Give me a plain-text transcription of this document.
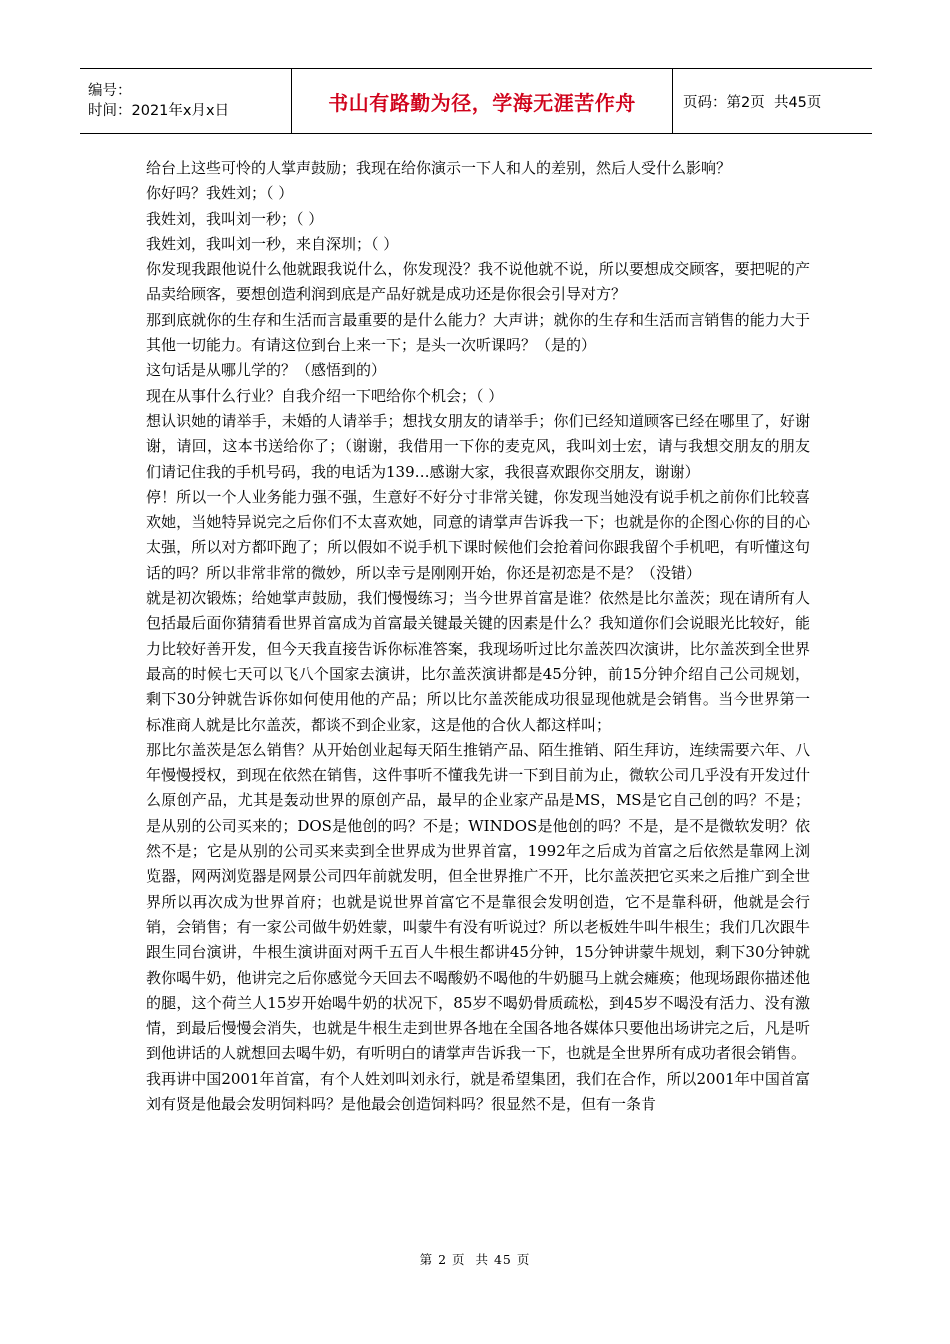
编号：
时间：2021年x月x日	书山有路勤为径，学海无涯苦作舟	页码：第2页  共45页

给台上这些可怜的人掌声鼓励；我现在给你演示一下人和人的差别，然后人受什么影响？

你好吗？我姓刘；（ ）

我姓刘，我叫刘一秒；（ ）

我姓刘，我叫刘一秒，来自深圳；（ ）

你发现我跟他说什么他就跟我说什么，你发现没？我不说他就不说，所以要想成交顾客，要把呢的产品卖给顾客，要想创造利润到底是产品好就是成功还是你很会引导对方？

那到底就你的生存和生活而言最重要的是什么能力？大声讲；就你的生存和生活而言销售的能力大于其他一切能力。有请这位到台上来一下；是头一次听课吗？（是的）

这句话是从哪儿学的？（感悟到的）

现在从事什么行业？自我介绍一下吧给你个机会；（ ）

想认识她的请举手，未婚的人请举手；想找女朋友的请举手；你们已经知道顾客已经在哪里了，好谢谢，请回，这本书送给你了；（谢谢，我借用一下你的麦克风，我叫刘士宏，请与我想交朋友的朋友们请记住我的手机号码，我的电话为139…感谢大家，我很喜欢跟你交朋友，谢谢）

停！所以一个人业务能力强不强，生意好不好分寸非常关键，你发现当她没有说手机之前你们比较喜欢她，当她特异说完之后你们不太喜欢她，同意的请掌声告诉我一下；也就是你的企图心你的目的心太强，所以对方都吓跑了；所以假如不说手机下课时候他们会抢着问你跟我留个手机吧，有听懂这句话的吗？所以非常非常的微妙，所以幸亏是刚刚开始，你还是初恋是不是？（没错）

就是初次锻炼；给她掌声鼓励，我们慢慢练习；当今世界首富是谁？依然是比尔盖茨；现在请所有人包括最后面你猜猜看世界首富成为首富最关键最关键的因素是什么？我知道你们会说眼光比较好，能力比较好善开发，但今天我直接告诉你标准答案，我现场听过比尔盖茨四次演讲，比尔盖茨到全世界最高的时候七天可以飞八个国家去演讲，比尔盖茨演讲都是45分钟，前15分钟介绍自己公司规划，剩下30分钟就告诉你如何使用他的产品；所以比尔盖茨能成功很显现他就是会销售。当今世界第一标准商人就是比尔盖茨，都谈不到企业家，这是他的合伙人都这样叫；

那比尔盖茨是怎么销售？从开始创业起每天陌生推销产品、陌生推销、陌生拜访，连续需要六年、八年慢慢授权，到现在依然在销售，这件事听不懂我先讲一下到目前为止，微软公司几乎没有开发过什么原创产品，尤其是轰动世界的原创产品，最早的企业家产品是MS，MS是它自己创的吗？不是；是从别的公司买来的；DOS是他创的吗？不是；WINDOS是他创的吗？不是，是不是微软发明？依然不是；它是从别的公司买来卖到全世界成为世界首富，1992年之后成为首富之后依然是靠网上浏览器，网两浏览器是网景公司四年前就发明，但全世界推广不开，比尔盖茨把它买来之后推广到全世界所以再次成为世界首府；也就是说世界首富它不是靠很会发明创造，它不是靠科研，他就是会行销，会销售；有一家公司做牛奶姓蒙，叫蒙牛有没有听说过？所以老板姓牛叫牛根生；我们几次跟牛跟生同台演讲，牛根生演讲面对两千五百人牛根生都讲45分钟，15分钟讲蒙牛规划，剩下30分钟就教你喝牛奶，他讲完之后你感觉今天回去不喝酸奶不喝他的牛奶腿马上就会瘫痪；他现场跟你描述他的腿，这个荷兰人15岁开始喝牛奶的状况下，85岁不喝奶骨质疏松，到45岁不喝没有活力、没有激情，到最后慢慢会消失，也就是牛根生走到世界各地在全国各地各媒体只要他出场讲完之后，凡是听到他讲话的人就想回去喝牛奶，有听明白的请掌声告诉我一下，也就是全世界所有成功者很会销售。

我再讲中国2001年首富，有个人姓刘叫刘永行，就是希望集团，我们在合作，所以2001年中国首富刘有贤是他最会发明饲料吗？是他最会创造饲料吗？很显然不是，但有一条肯

第 2 页  共 45 页
